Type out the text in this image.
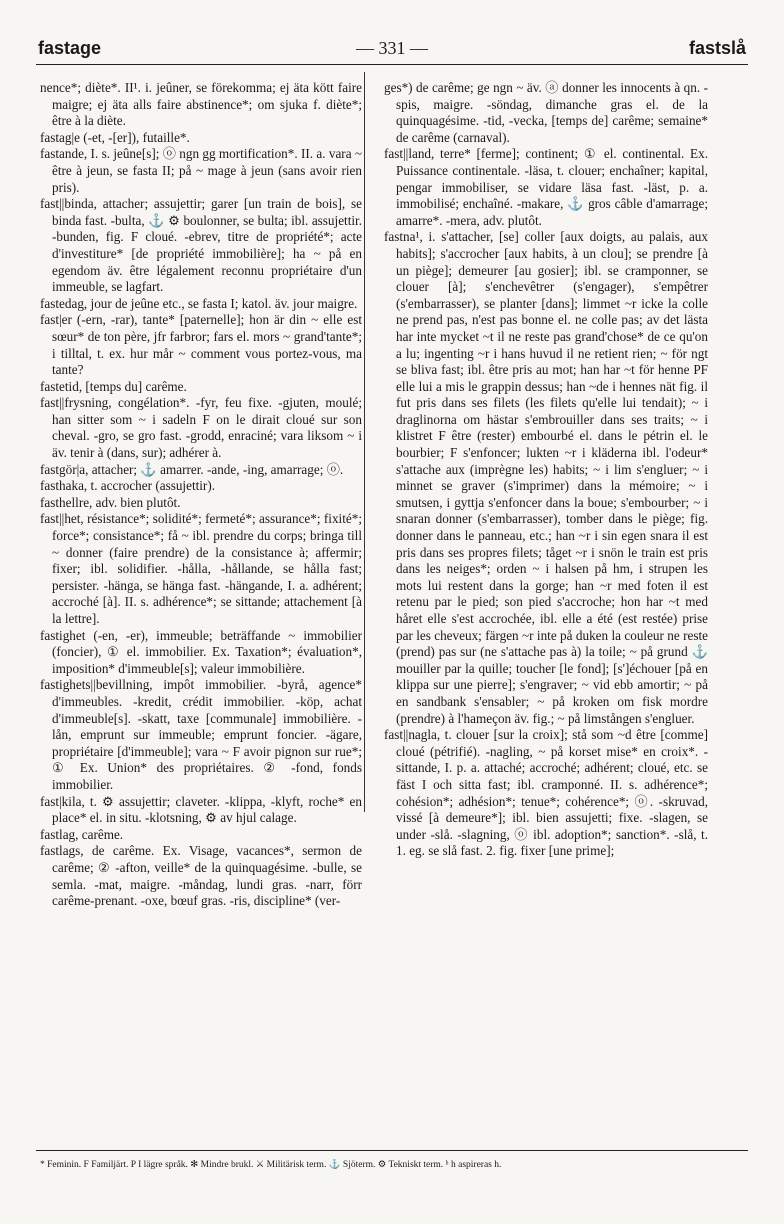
fastage	— 331 —	fastslå

nence*; diète*. II¹. i. jeûner, se förekomma; ej äta kött faire maigre; ej äta alls faire abstinence*; om sjuka f. diète*; être à la diète.

fastag|e (-et, -[er]), futaille*.

fastande, I. s. jeûne[s]; ⓞ ngn gg mortification*. II. a. vara ~ être à jeun, se fasta II; på ~ mage à jeun (sans avoir rien pris).

fast||binda, attacher; assujettir; garer [un train de bois], se binda fast. -bulta, ⚓ ⚙ boulonner, se bulta; ibl. assujettir. -bunden, fig. F cloué. -ebrev, titre de propriété*; acte d'investiture* [de propriété immobilière]; ha ~ på en egendom äv. être légalement reconnu propriétaire d'un immeuble, se lagfart.

fastedag, jour de jeûne etc., se fasta I; katol. äv. jour maigre.

fast|er (-ern, -rar), tante* [paternelle]; hon är din ~ elle est sœur* de ton père, jfr farbror; fars el. mors ~ grand'tante*; i tilltal, t. ex. hur mår ~ comment vous portez-vous, ma tante?

fastetid, [temps du] carême.

fast||frysning, congélation*. -fyr, feu fixe. -gjuten, moulé; han sitter som ~ i sadeln F on le dirait cloué sur son cheval. -gro, se gro fast. -grodd, enraciné; vara liksom ~ i äv. tenir à (dans, sur); adhérer à.

fastgör|a, attacher; ⚓ amarrer. -ande, -ing, amarrage; ⓞ.

fasthaka, t. accrocher (assujettir).

fasthellre, adv. bien plutôt.

fast||het, résistance*; solidité*; fermeté*; assurance*; fixité*; force*; consistance*; få ~ ibl. prendre du corps; bringa till ~ donner (faire prendre) de la consistance à; affermir; fixer; ibl. solidifier. -hålla, -hållande, se hålla fast; persister. -hänga, se hänga fast. -hängande, I. a. adhérent; accroché [à]. II. s. adhérence*; se sittande; attachement [à la lettre].

fastighet (-en, -er), immeuble; beträffande ~ immobilier (foncier), ① el. immobilier. Ex. Taxation*; évaluation*, imposition* d'immeuble[s]; valeur immobilière.

fastighets||bevillning, impôt immobilier. -byrå, agence* d'immeubles. -kredit, crédit immobilier. -köp, achat d'immeuble[s]. -skatt, taxe [communale] immobilière. -lån, emprunt sur immeuble; emprunt foncier. -ägare, propriétaire [d'immeuble]; vara ~ F avoir pignon sur rue*; ① Ex. Union* des propriétaires. ② -fond, fonds immobilier.

fast|kila, t. ⚙ assujettir; claveter. -klippa, -klyft, roche* en place* el. in situ. -klotsning, ⚙ av hjul calage.

fastlag, carême.

fastlags, de carême. Ex. Visage, vacances*, sermon de carême; ② -afton, veille* de la quinquagésime. -bulle, se semla. -mat, maigre. -måndag, lundi gras. -narr, förr carême-prenant. -oxe, bœuf gras. -ris, discipline* (ver-

ges*) de carême; ge ngn ~ äv. ⓐ donner les innocents à qn. -spis, maigre. -söndag, dimanche gras el. de la quinquagésime. -tid, -vecka, [temps de] carême; semaine* de carême (carnaval).

fast||land, terre* [ferme]; continent; ① el. continental. Ex. Puissance continentale. -läsa, t. clouer; enchaîner; kapital, pengar immobiliser, se vidare läsa fast. -läst, p. a. immobilisé; enchaîné. -makare, ⚓ gros câble d'amarrage; amarre*. -mera, adv. plutôt.

fastna¹, i. s'attacher, [se] coller [aux doigts, au palais, aux habits]; s'accrocher [aux habits, à un clou]; se prendre [à un piège]; demeurer [au gosier]; ibl. se cramponner, se clouer [à]; s'enchevêtrer (s'engager), s'empêtrer (s'embarrasser), se planter [dans]; limmet ~r icke la colle ne prend pas, n'est pas bonne el. ne colle pas; av det lästa har inte mycket ~t il ne reste pas grand'chose* de ce qu'on a lu; ingenting ~r i hans huvud il ne retient rien; ~ för ngt se bliva fast; ibl. être pris au mot; han har ~t för henne PF elle lui a mis le grappin dessus; han ~de i hennes nät fig. il fut pris dans ses filets (les filets qu'elle lui tendait); ~ i draglinorna om hästar s'embrouiller dans ses traits; ~ i klistret F être (rester) embourbé el. dans le pétrin el. le bourbier; F s'enfoncer; lukten ~r i kläderna ibl. l'odeur* s'attache aux (imprègne les) habits; ~ i lim s'engluer; ~ i minnet se graver (s'imprimer) dans la mémoire; ~ i smutsen, i gyttja s'enfoncer dans la boue; s'embourber; ~ i snaran donner (s'embarrasser), tomber dans le piège; fig. donner dans le panneau, etc.; han ~r i sin egen snara il est pris dans ses propres filets; tåget ~r i snön le train est pris dans les neiges*; orden ~ i halsen på hm, i strupen les mots lui restent dans la gorge; han ~r med foten il est retenu par le pied; son pied s'accroche; hon har ~t med håret elle s'est accrochée, ibl. elle a été (est restée) prise par les cheveux; färgen ~r inte på duken la couleur ne reste (prend) pas sur (ne s'attache pas à) la toile; ~ på grund ⚓ mouiller par la quille; toucher [le fond]; [s']échouer [på en klippa sur une pierre]; s'engraver; ~ vid ebb amortir; ~ på en sandbank s'ensabler; ~ på kroken om fisk mordre (prendre) à l'hameçon äv. fig.; ~ på limstången s'engluer.

fast||nagla, t. clouer [sur la croix]; stå som ~d être [comme] cloué (pétrifié). -nagling, ~ på korset mise* en croix*. -sittande, I. p. a. attaché; accroché; adhérent; cloué, etc. se fäst I och sitta fast; ibl. cramponné. II. s. adhérence*; cohésion*; adhésion*; tenue*; cohérence*; ⓞ. -skruvad, vissé [à demeure*]; ibl. bien assujetti; fixe. -slagen, se under -slå. -slagning, ⓞ ibl. adoption*; sanction*. -slå, t. 1. eg. se slå fast. 2. fig. fixer [une prime];

* Feminin. F Familjärt. P I lägre språk. ✻ Mindre brukl. ⚔ Militärisk term. ⚓ Sjöterm. ⚙ Tekniskt term. ʰ h aspireras h.
